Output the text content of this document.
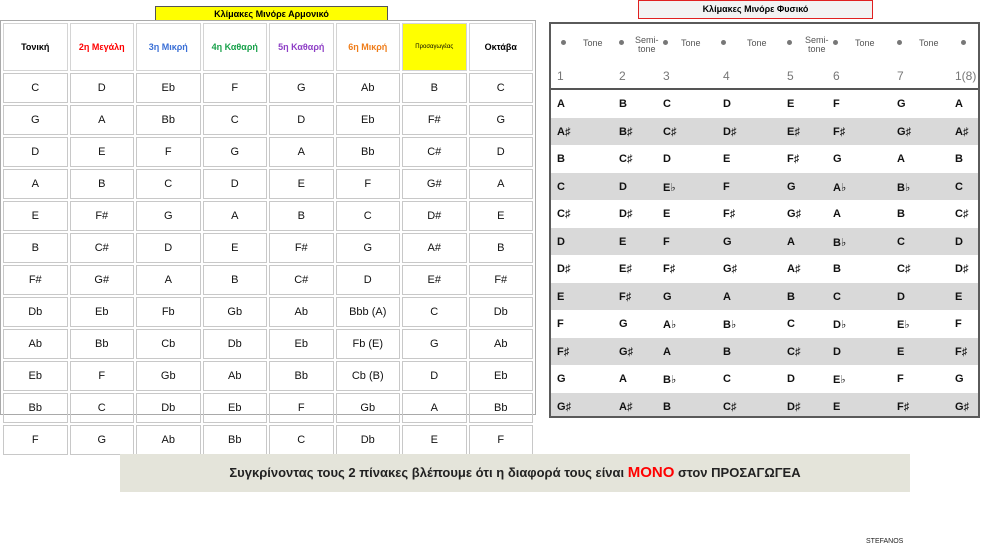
Κλίμακες Μινόρε Αρμονικό	Κλίμακες Μινόρε Φυσικό
Τονική	2η Μεγάλη	3η Μικρή	4η Καθαρή	5η Καθαρή	6η Μικρή	Προσαγωγέας	Οκτάβα
C	D	Eb	F	G	Ab	B	C
G	A	Bb	C	D	Eb	F#	G
D	E	F	G	A	Bb	C#	D
A	B	C	D	E	F	G#	A
E	F#	G	A	B	C	D#	E
B	C#	D	E	F#	G	A#	B
F#	G#	A	B	C#	D	E#	F#
Db	Eb	Fb	Gb	Ab	Bbb (A)	C	Db
Ab	Bb	Cb	Db	Eb	Fb (E)	G	Ab
Eb	F	Gb	Ab	Bb	Cb (B)	D	Eb
Bb	C	Db	Eb	F	Gb	A	Bb
F	G	Ab	Bb	C	Db	E	F
Tone	Semi-
tone
Tone	Tone	Semi-
tone
Tone	Tone
1	2	3	4	5	6	7	1(8)
A	B	C	D	E	F	G	A
A♯	B♯	C♯	D♯	E♯	F♯	G♯	A♯
B	C♯	D	E	F♯	G	A	B
C	D	E♭	F	G	A♭	B♭	C
C♯	D♯	E	F♯	G♯	A	B	C♯
D	E	F	G	A	B♭	C	D
D♯	E♯	F♯	G♯	A♯	B	C♯	D♯
E	F♯	G	A	B	C	D	E
F	G	A♭	B♭	C	D♭	E♭	F
F♯	G♯	A	B	C♯	D	E	F♯
G	A	B♭	C	D	E♭	F	G
G♯	A♯	B	C♯	D♯	E	F♯	G♯
Συγκρίνοντας τους 2 πίνακες βλέπουμε ότι η διαφορά τους είναι ΜΟΝΟ στον ΠΡΟΣΑΓΩΓΕΑ
STEFANOS
